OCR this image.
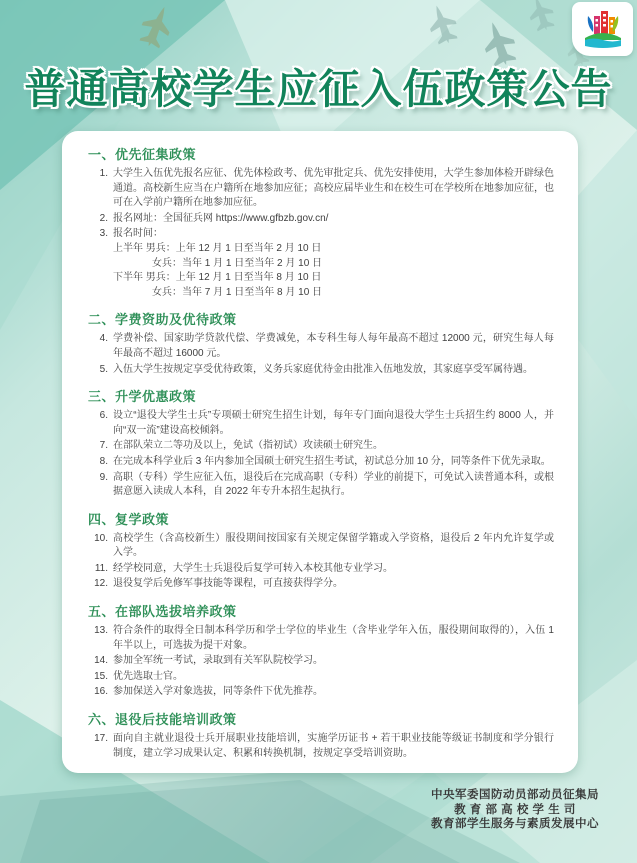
普通高校学生应征入伍政策公告
一、优先征集政策
1. 大学生入伍优先报名应征、优先体检政考、优先审批定兵、优先安排使用，大学生参加体检开辟绿色通道。高校新生应当在户籍所在地参加应征；高校应届毕业生和在校生可在学校所在地参加应征，也可在入学前户籍所在地参加应征。
2. 报名网址：全国征兵网 https://www.gfbzb.gov.cn/
3. 报名时间：
上半年 男兵：上年 12 月 1 日至当年 2 月 10 日
女兵：当年 1 月 1 日至当年 2 月 10 日
下半年 男兵：上年 12 月 1 日至当年 8 月 10 日
女兵：当年 7 月 1 日至当年 8 月 10 日
二、学费资助及优待政策
4. 学费补偿、国家助学贷款代偿、学费减免，本专科生每人每年最高不超过 12000 元，研究生每人每年最高不超过 16000 元。
5. 入伍大学生按规定享受优待政策，义务兵家庭优待金由批准入伍地发放，其家庭享受军属待遇。
三、升学优惠政策
6. 设立“退役大学生士兵”专项硕士研究生招生计划，每年专门面向退役大学生士兵招生约 8000 人，并向“双一流”建设高校倾斜。
7. 在部队荣立二等功及以上，免试（指初试）攻读硕士研究生。
8. 在完成本科学业后 3 年内参加全国硕士研究生招生考试，初试总分加 10 分，同等条件下优先录取。
9. 高职（专科）学生应征入伍，退役后在完成高职（专科）学业的前提下，可免试入读普通本科，或根据意愿入读成人本科，自 2022 年专升本招生起执行。
四、复学政策
10. 高校学生（含高校新生）服役期间按国家有关规定保留学籍或入学资格，退役后 2 年内允许复学或入学。
11. 经学校同意，大学生士兵退役后复学可转入本校其他专业学习。
12. 退役复学后免修军事技能等课程，可直接获得学分。
五、在部队选拔培养政策
13. 符合条件的取得全日制本科学历和学士学位的毕业生（含毕业学年入伍，服役期间取得的），入伍 1 年半以上，可选拔为提干对象。
14. 参加全军统一考试，录取到有关军队院校学习。
15. 优先选取士官。
16. 参加保送入学对象选拔，同等条件下优先推荐。
六、退役后技能培训政策
17. 面向自主就业退役士兵开展职业技能培训，实施学历证书 + 若干职业技能等级证书制度和学分银行制度，建立学习成果认定、积累和转换机制，按规定享受培训资助。
中央军委国防动员部动员征集局
教 育 部 高 校 学 生 司
教育部学生服务与素质发展中心
